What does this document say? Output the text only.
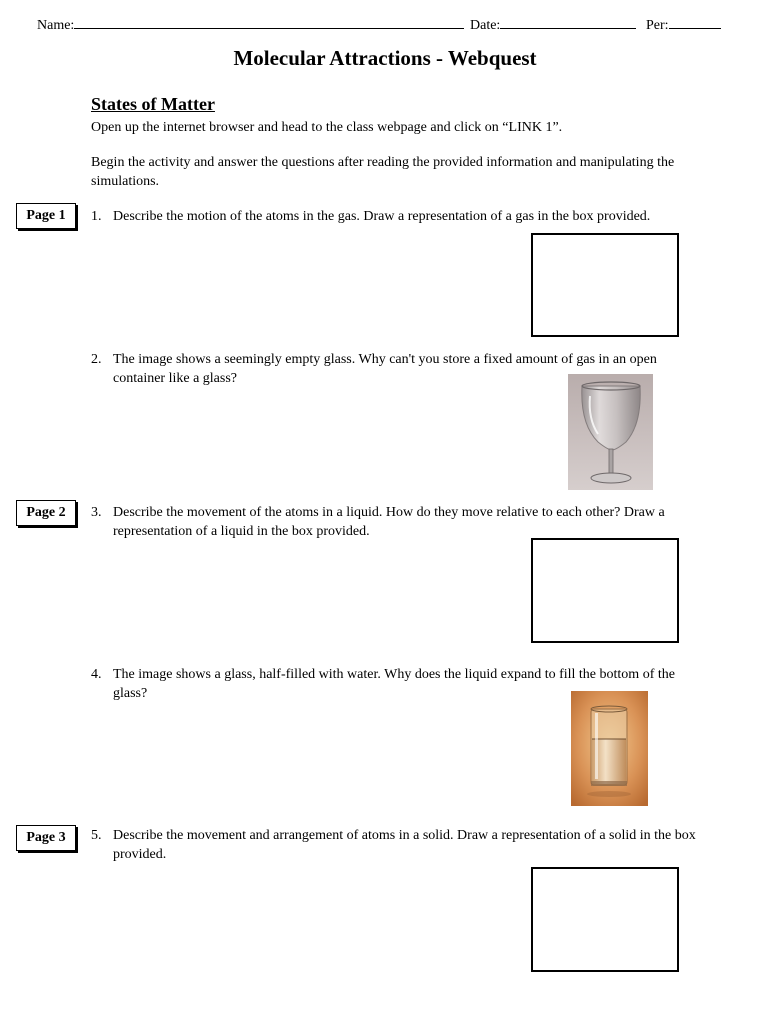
Name:	Date:	Per:
Molecular Attractions - Webquest
States of Matter
Open up the internet browser and head to the class webpage and click on “LINK 1”.
Begin the activity and answer the questions after reading the provided information and manipulating the simulations.
Page 1
Page 2
Page 3
1. Describe the motion of the atoms in the gas. Draw a representation of a gas in the box provided.
2. The image shows a seemingly empty glass. Why can't you store a fixed amount of gas in an open container like a glass?
3. Describe the movement of the atoms in a liquid. How do they move relative to each other? Draw a representation of a liquid in the box provided.
4. The image shows a glass, half-filled with water. Why does the liquid expand to fill the bottom of the glass?
5. Describe the movement and arrangement of atoms in a solid. Draw a representation of a solid in the box provided.
